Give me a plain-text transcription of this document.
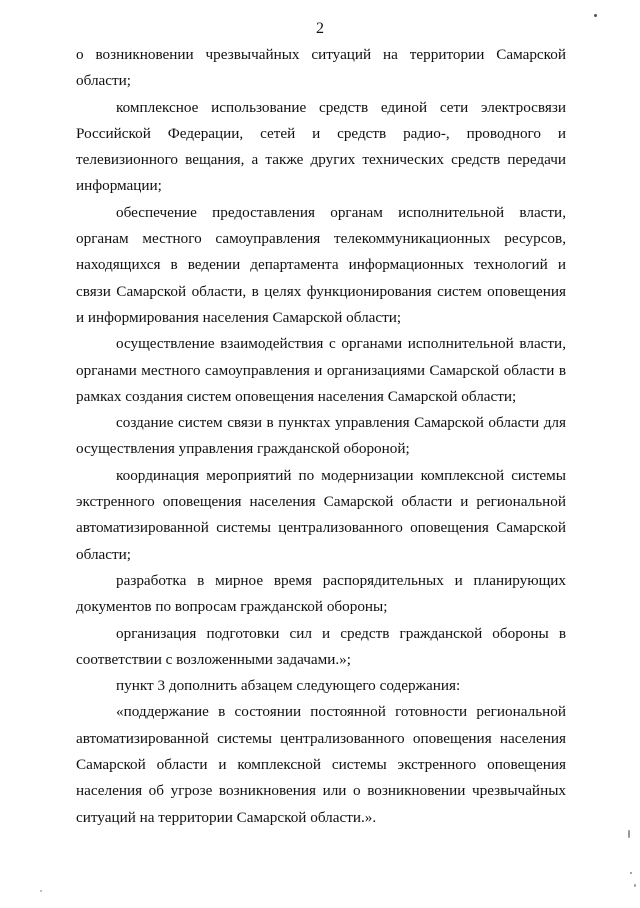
2

о возникновении чрезвычайных ситуаций на территории Самарской области;

комплексное использование средств единой сети электросвязи Российской Федерации, сетей и средств радио-, проводного и телевизионного вещания, а также других технических средств передачи информации;

обеспечение предоставления органам исполнительной власти, органам местного самоуправления телекоммуникационных ресурсов, находящихся в ведении департамента информационных технологий и связи Самарской области, в целях функционирования систем оповещения и информирования населения Самарской области;

осуществление взаимодействия с органами исполнительной власти, органами местного самоуправления и организациями Самарской области в рамках создания систем оповещения населения Самарской области;

создание систем связи в пунктах управления Самарской области для осуществления управления гражданской обороной;

координация мероприятий по модернизации комплексной системы экстренного оповещения населения Самарской области и региональной автоматизированной системы централизованного оповещения Самарской области;

разработка в мирное время распорядительных и планирующих документов по вопросам гражданской обороны;

организация подготовки сил и средств гражданской обороны в соответствии с возложенными задачами.»;

пункт 3 дополнить абзацем следующего содержания:

«поддержание в состоянии постоянной готовности региональной автоматизированной системы централизованного оповещения населения Самарской области и комплексной системы экстренного оповещения населения об угрозе возникновения или о возникновении чрезвычайных ситуаций на территории Самарской области.».
